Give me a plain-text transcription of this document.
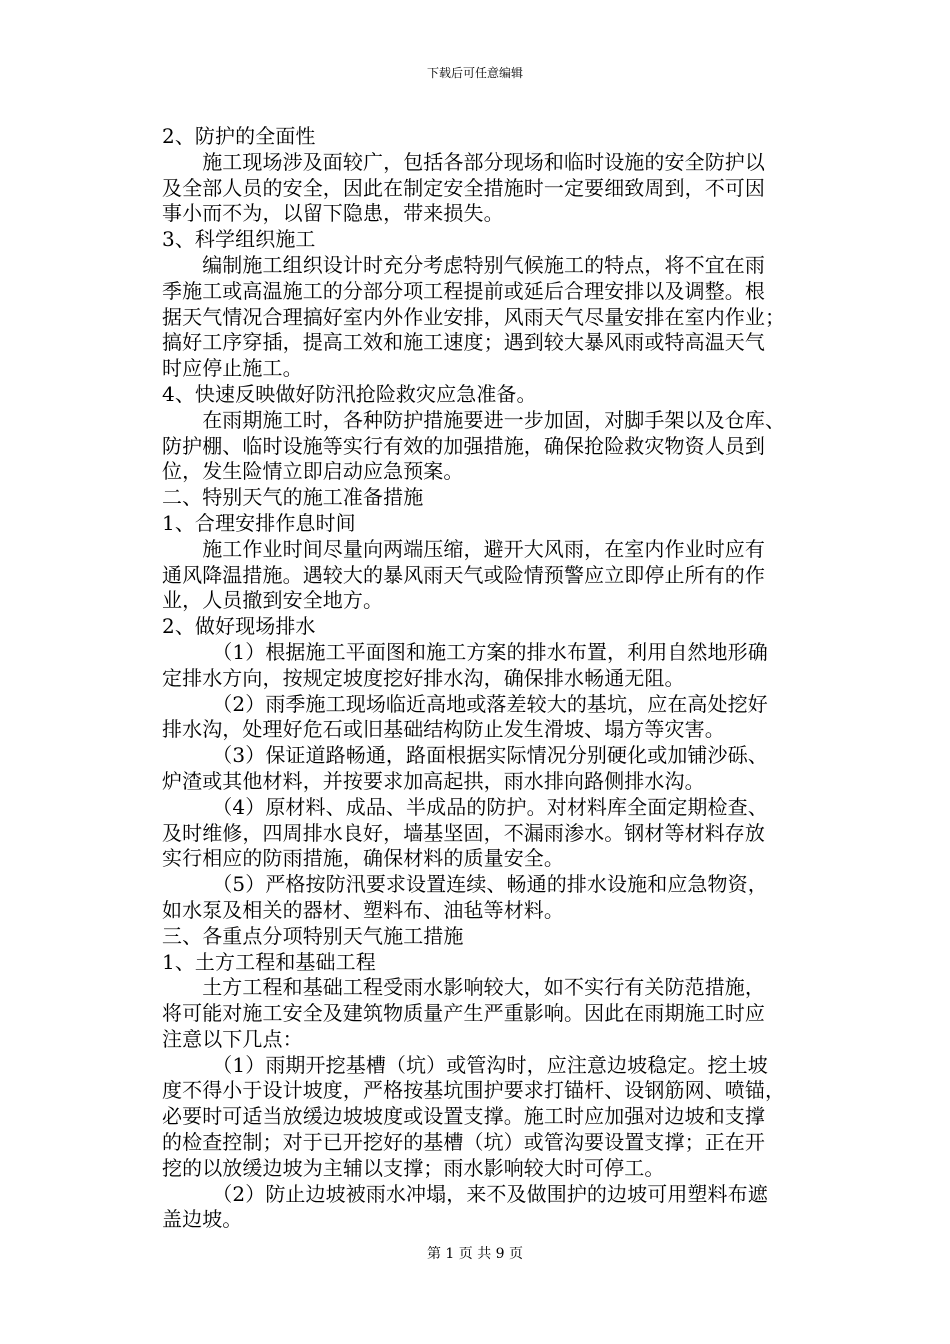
下载后可任意编辑
2、防护的全面性
　　施工现场涉及面较广，包括各部分现场和临时设施的安全防护以
及全部人员的安全，因此在制定安全措施时一定要细致周到，不可因
事小而不为，以留下隐患，带来损失。
3、科学组织施工
　　编制施工组织设计时充分考虑特别气候施工的特点，将不宜在雨
季施工或高温施工的分部分项工程提前或延后合理安排以及调整。根
据天气情况合理搞好室内外作业安排，风雨天气尽量安排在室内作业；
搞好工序穿插，提高工效和施工速度；遇到较大暴风雨或特高温天气
时应停止施工。
4、快速反映做好防汛抢险救灾应急准备。
　　在雨期施工时，各种防护措施要进一步加固，对脚手架以及仓库、
防护棚、临时设施等实行有效的加强措施，确保抢险救灾物资人员到
位，发生险情立即启动应急预案。
二、特别天气的施工准备措施
1、合理安排作息时间
　　施工作业时间尽量向两端压缩，避开大风雨，在室内作业时应有
通风降温措施。遇较大的暴风雨天气或险情预警应立即停止所有的作
业，人员撤到安全地方。
2、做好现场排水
　　　（1）根据施工平面图和施工方案的排水布置，利用自然地形确
定排水方向，按规定坡度挖好排水沟，确保排水畅通无阻。
　　　（2）雨季施工现场临近高地或落差较大的基坑，应在高处挖好
排水沟，处理好危石或旧基础结构防止发生滑坡、塌方等灾害。
　　　（3）保证道路畅通，路面根据实际情况分别硬化或加铺沙砾、
炉渣或其他材料，并按要求加高起拱，雨水排向路侧排水沟。
　　　（4）原材料、成品、半成品的防护。对材料库全面定期检查、
及时维修，四周排水良好，墙基坚固，不漏雨渗水。钢材等材料存放
实行相应的防雨措施，确保材料的质量安全。
　　　（5）严格按防汛要求设置连续、畅通的排水设施和应急物资，
如水泵及相关的器材、塑料布、油毡等材料。
三、各重点分项特别天气施工措施
1、土方工程和基础工程
　　土方工程和基础工程受雨水影响较大，如不实行有关防范措施，
将可能对施工安全及建筑物质量产生严重影响。因此在雨期施工时应
注意以下几点：
　　　（1）雨期开挖基槽（坑）或管沟时，应注意边坡稳定。挖土坡
度不得小于设计坡度，严格按基坑围护要求打锚杆、设钢筋网、喷锚，
必要时可适当放缓边坡坡度或设置支撑。施工时应加强对边坡和支撑
的检查控制；对于已开挖好的基槽（坑）或管沟要设置支撑；正在开
挖的以放缓边坡为主辅以支撑；雨水影响较大时可停工。
　　　（2）防止边坡被雨水冲塌，来不及做围护的边坡可用塑料布遮
盖边坡。
第 1 页 共 9 页
